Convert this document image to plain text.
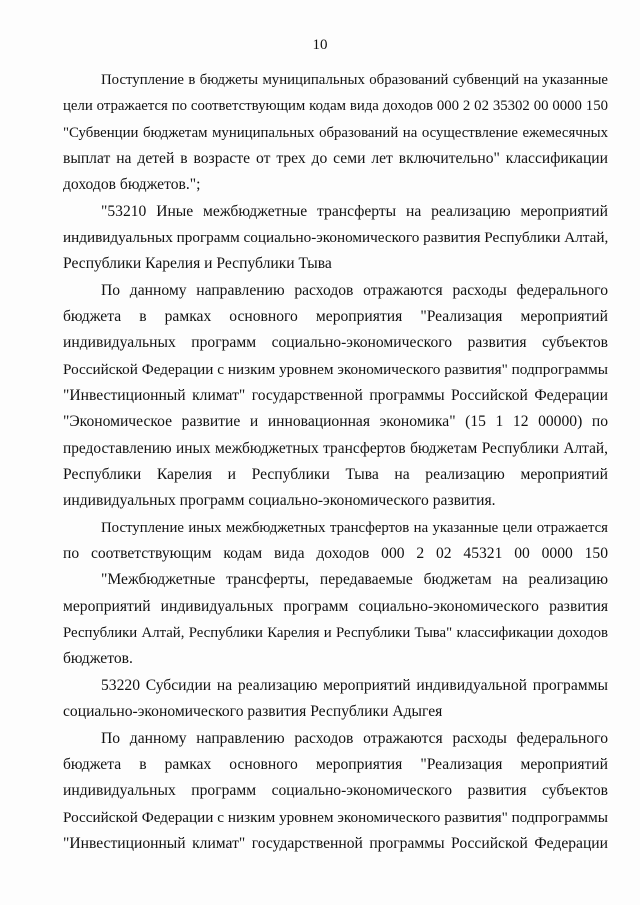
10
Поступление в бюджеты муниципальных образований субвенций на указанные
цели отражается по соответствующим кодам вида доходов 000 2 02 35302 00 0000 150
"Субвенции бюджетам муниципальных образований на осуществление ежемесячных
выплат на детей в возрасте от трех до семи лет включительно" классификации
доходов бюджетов.";
"53210 Иные межбюджетные трансферты на реализацию мероприятий
индивидуальных программ социально-экономического развития Республики Алтай,
Республики Карелия и Республики Тыва
По данному направлению расходов отражаются расходы федерального
бюджета в рамках основного мероприятия "Реализация мероприятий
индивидуальных программ социально-экономического развития субъектов
Российской Федерации с низким уровнем экономического развития" подпрограммы
"Инвестиционный климат" государственной программы Российской Федерации
"Экономическое развитие и инновационная экономика" (15 1 12 00000) по
предоставлению иных межбюджетных трансфертов бюджетам Республики Алтай,
Республики Карелия и Республики Тыва на реализацию мероприятий
индивидуальных программ социально-экономического развития.
Поступление иных межбюджетных трансфертов на указанные цели отражается
по соответствующим кодам вида доходов 000 2 02 45321 00 0000 150
"Межбюджетные трансферты, передаваемые бюджетам на реализацию
мероприятий индивидуальных программ социально-экономического развития
Республики Алтай, Республики Карелия и Республики Тыва" классификации доходов
бюджетов.
53220 Субсидии на реализацию мероприятий индивидуальной программы
социально-экономического развития Республики Адыгея
По данному направлению расходов отражаются расходы федерального
бюджета в рамках основного мероприятия "Реализация мероприятий
индивидуальных программ социально-экономического развития субъектов
Российской Федерации с низким уровнем экономического развития" подпрограммы
"Инвестиционный климат" государственной программы Российской Федерации
